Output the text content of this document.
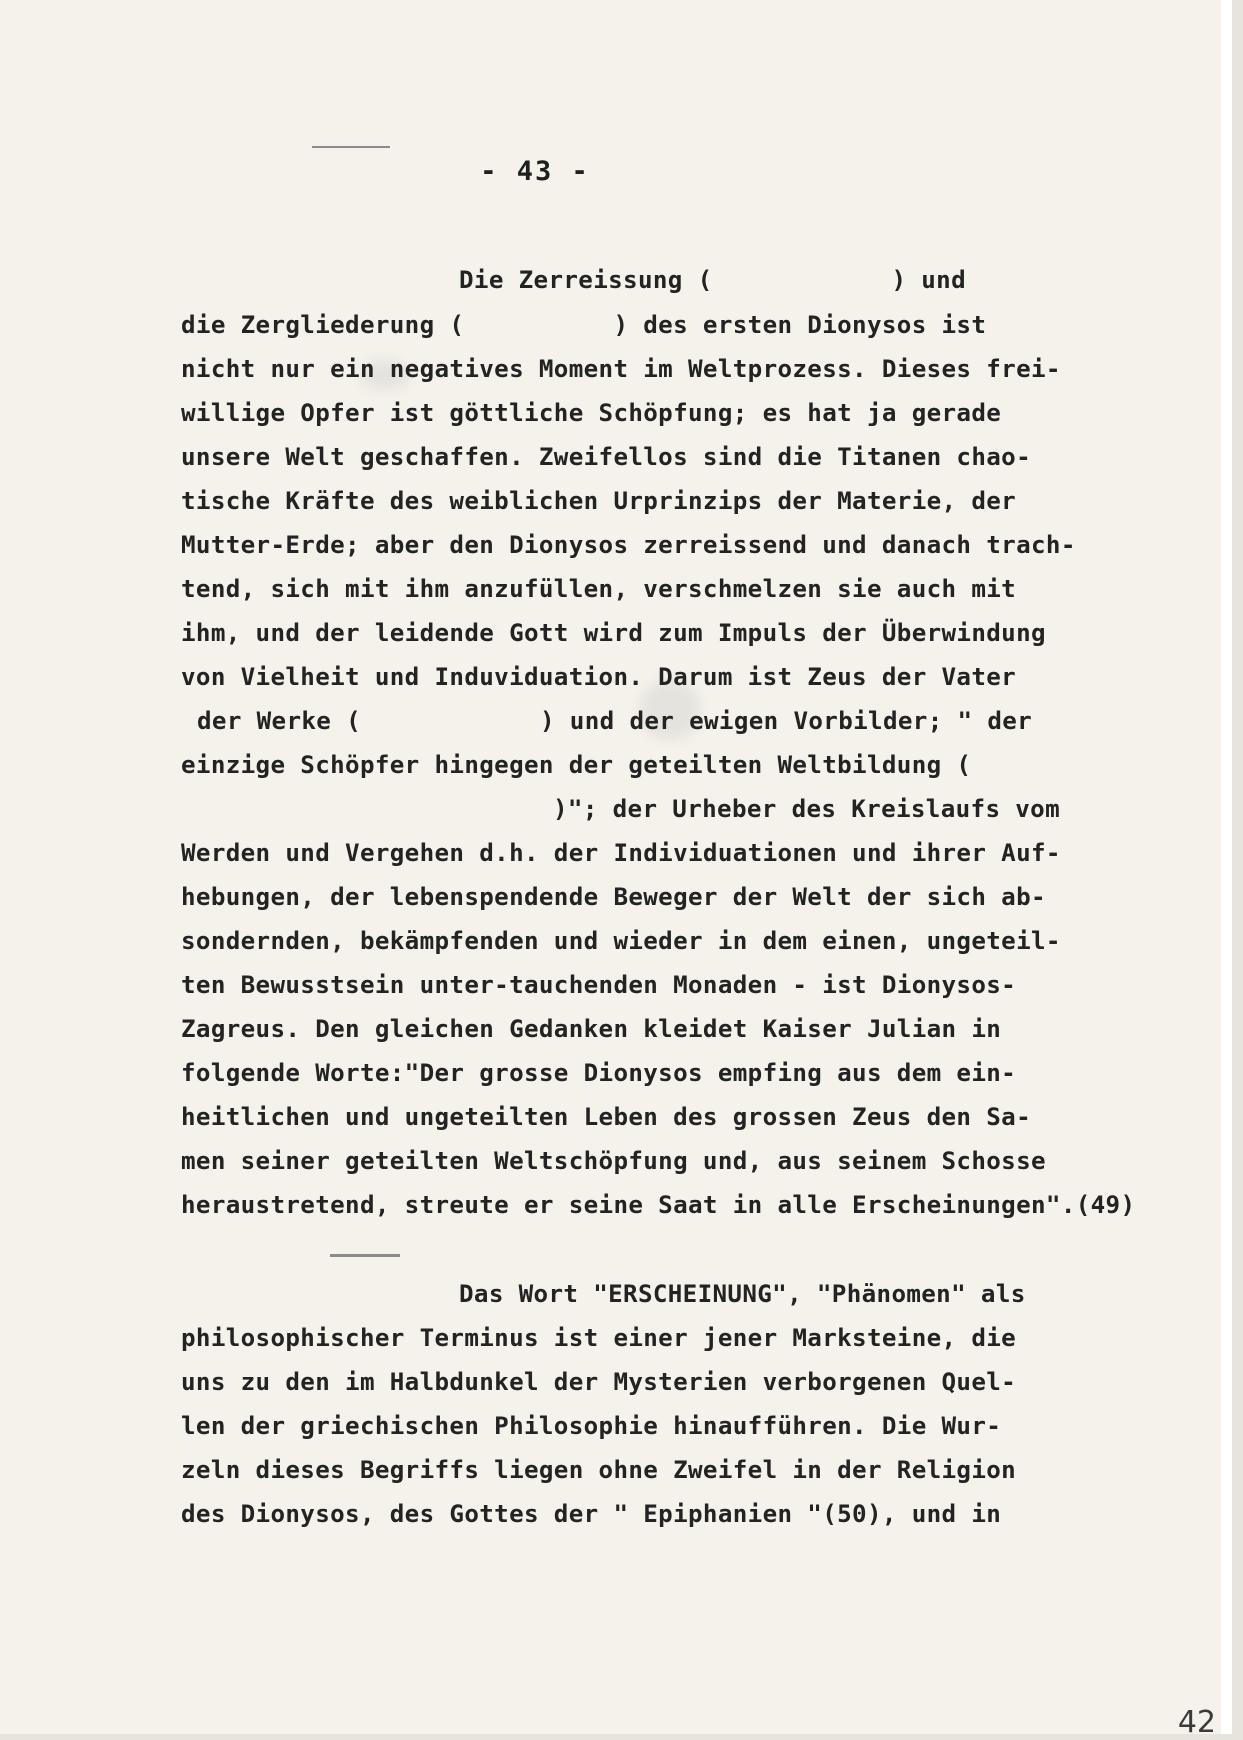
- 43 -
Die Zerreissung (            ) und
die Zergliederung (          ) des ersten Dionysos ist
nicht nur ein negatives Moment im Weltprozess. Dieses frei-
willige Opfer ist göttliche Schöpfung; es hat ja gerade
unsere Welt geschaffen. Zweifellos sind die Titanen chao-
tische Kräfte des weiblichen Urprinzips der Materie, der
Mutter-Erde; aber den Dionysos zerreissend und danach trach-
tend, sich mit ihm anzufüllen, verschmelzen sie auch mit
ihm, und der leidende Gott wird zum Impuls der Überwindung
von Vielheit und Induviduation. Darum ist Zeus der Vater
der Werke (            ) und der ewigen Vorbilder; " der
einzige Schöpfer hingegen der geteilten Weltbildung (
)"; der Urheber des Kreislaufs vom
Werden und Vergehen d.h. der Individuationen und ihrer Auf-
hebungen, der lebenspendende Beweger der Welt der sich ab-
sondernden, bekämpfenden und wieder in dem einen, ungeteil-
ten Bewusstsein unter-tauchenden Monaden - ist Dionysos-
Zagreus. Den gleichen Gedanken kleidet Kaiser Julian in
folgende Worte:"Der grosse Dionysos empfing aus dem ein-
heitlichen und ungeteilten Leben des grossen Zeus den Sa-
men seiner geteilten Weltschöpfung und, aus seinem Schosse
heraustretend, streute er seine Saat in alle Erscheinungen".(49)
Das Wort "ERSCHEINUNG", "Phänomen" als
philosophischer Terminus ist einer jener Marksteine, die
uns zu den im Halbdunkel der Mysterien verborgenen Quel-
len der griechischen Philosophie hinaufführen. Die Wur-
zeln dieses Begriffs liegen ohne Zweifel in der Religion
des Dionysos, des Gottes der " Epiphanien "(50), und in
42
